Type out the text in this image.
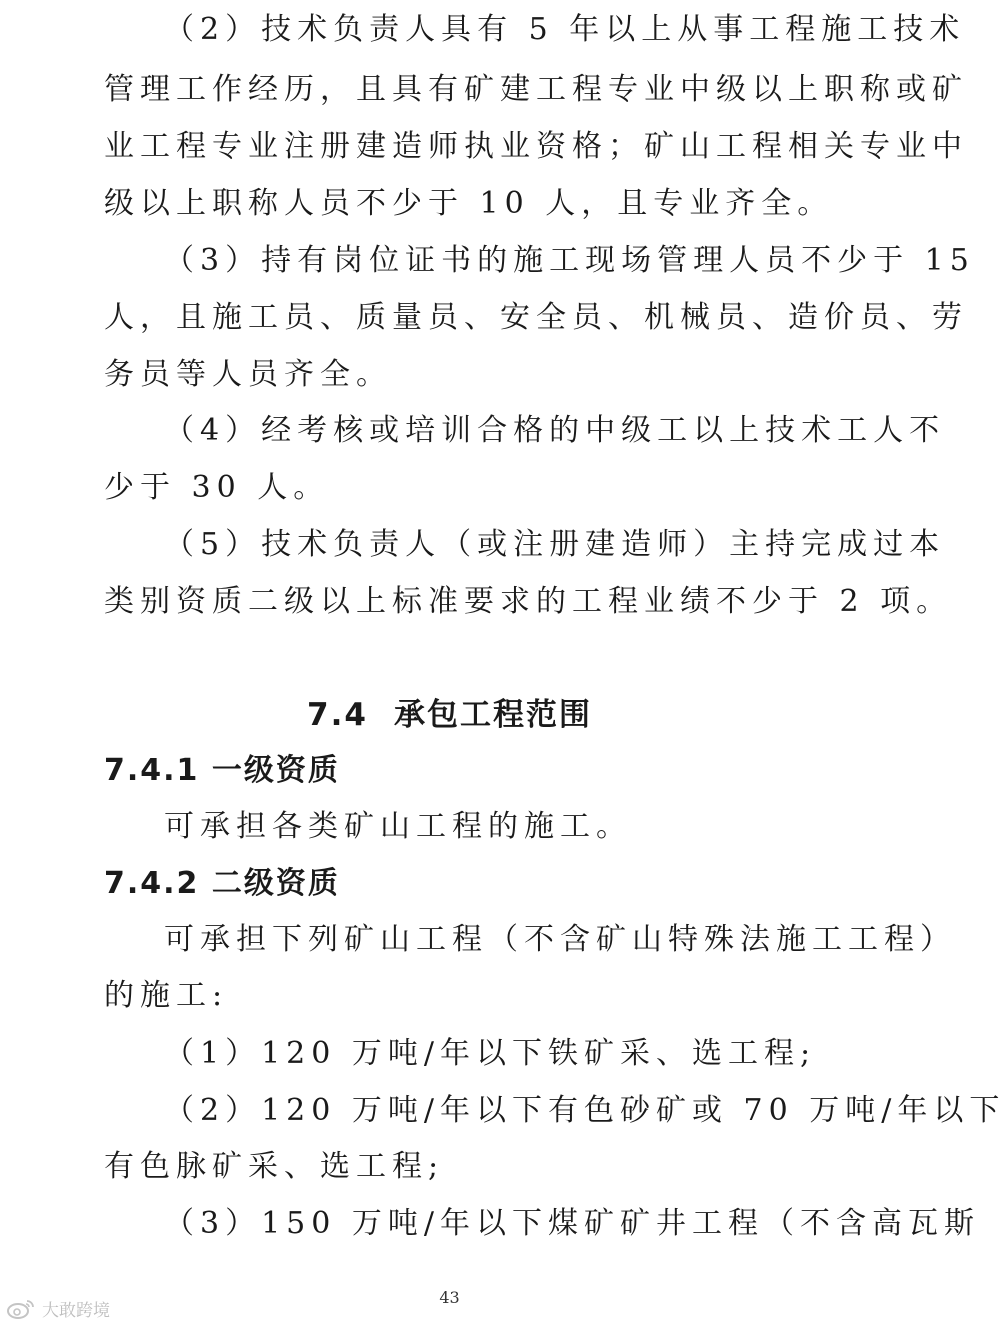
（2）技术负责人具有 5 年以上从事工程施工技术
管理工作经历，且具有矿建工程专业中级以上职称或矿
业工程专业注册建造师执业资格；矿山工程相关专业中
级以上职称人员不少于 10 人，且专业齐全。
（3）持有岗位证书的施工现场管理人员不少于 15
人，且施工员、质量员、安全员、机械员、造价员、劳
务员等人员齐全。
（4）经考核或培训合格的中级工以上技术工人不
少于 30 人。
（5）技术负责人（或注册建造师）主持完成过本
类别资质二级以上标准要求的工程业绩不少于 2 项。
7.4 承包工程范围
7.4.1 一级资质
可承担各类矿山工程的施工。
7.4.2 二级资质
可承担下列矿山工程（不含矿山特殊法施工工程）
的施工:
（1）120 万吨/年以下铁矿采、选工程;
（2）120 万吨/年以下有色砂矿或 70 万吨/年以下
有色脉矿采、选工程;
（3）150 万吨/年以下煤矿矿井工程（不含高瓦斯
43
大敢跨境
